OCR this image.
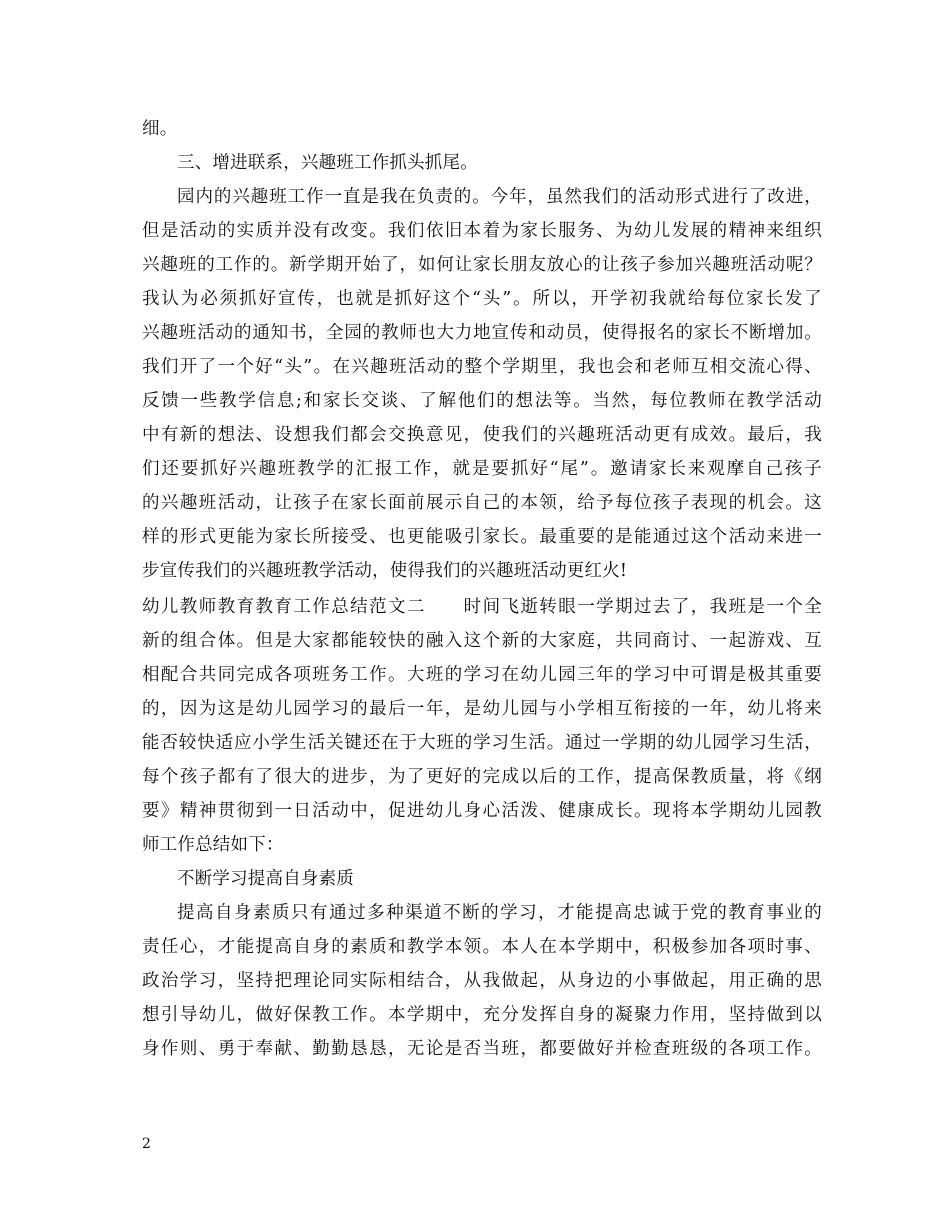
细。
三、增进联系，兴趣班工作抓头抓尾。
园内的兴趣班工作一直是我在负责的。今年，虽然我们的活动形式进行了改进，
但是活动的实质并没有改变。我们依旧本着为家长服务、为幼儿发展的精神来组织
兴趣班的工作的。新学期开始了，如何让家长朋友放心的让孩子参加兴趣班活动呢？
我认为必须抓好宣传，也就是抓好这个“头”。所以，开学初我就给每位家长发了
兴趣班活动的通知书，全园的教师也大力地宣传和动员，使得报名的家长不断增加。
我们开了一个好“头”。在兴趣班活动的整个学期里，我也会和老师互相交流心得、
反馈一些教学信息;和家长交谈、了解他们的想法等。当然，每位教师在教学活动
中有新的想法、设想我们都会交换意见，使我们的兴趣班活动更有成效。最后，我
们还要抓好兴趣班教学的汇报工作，就是要抓好“尾”。邀请家长来观摩自己孩子
的兴趣班活动，让孩子在家长面前展示自己的本领，给予每位孩子表现的机会。这
样的形式更能为家长所接受、也更能吸引家长。最重要的是能通过这个活动来进一
步宣传我们的兴趣班教学活动，使得我们的兴趣班活动更红火!
幼儿教师教育教育工作总结范文二　　时间飞逝转眼一学期过去了，我班是一个全
新的组合体。但是大家都能较快的融入这个新的大家庭，共同商讨、一起游戏、互
相配合共同完成各项班务工作。大班的学习在幼儿园三年的学习中可谓是极其重要
的，因为这是幼儿园学习的最后一年，是幼儿园与小学相互衔接的一年，幼儿将来
能否较快适应小学生活关键还在于大班的学习生活。通过一学期的幼儿园学习生活，
每个孩子都有了很大的进步，为了更好的完成以后的工作，提高保教质量，将《纲
要》精神贯彻到一日活动中，促进幼儿身心活泼、健康成长。现将本学期幼儿园教
师工作总结如下：
不断学习提高自身素质
提高自身素质只有通过多种渠道不断的学习，才能提高忠诚于党的教育事业的
责任心，才能提高自身的素质和教学本领。本人在本学期中，积极参加各项时事、
政治学习，坚持把理论同实际相结合，从我做起，从身边的小事做起，用正确的思
想引导幼儿，做好保教工作。本学期中，充分发挥自身的凝聚力作用，坚持做到以
身作则、勇于奉献、勤勤恳恳，无论是否当班，都要做好并检查班级的各项工作。
2
